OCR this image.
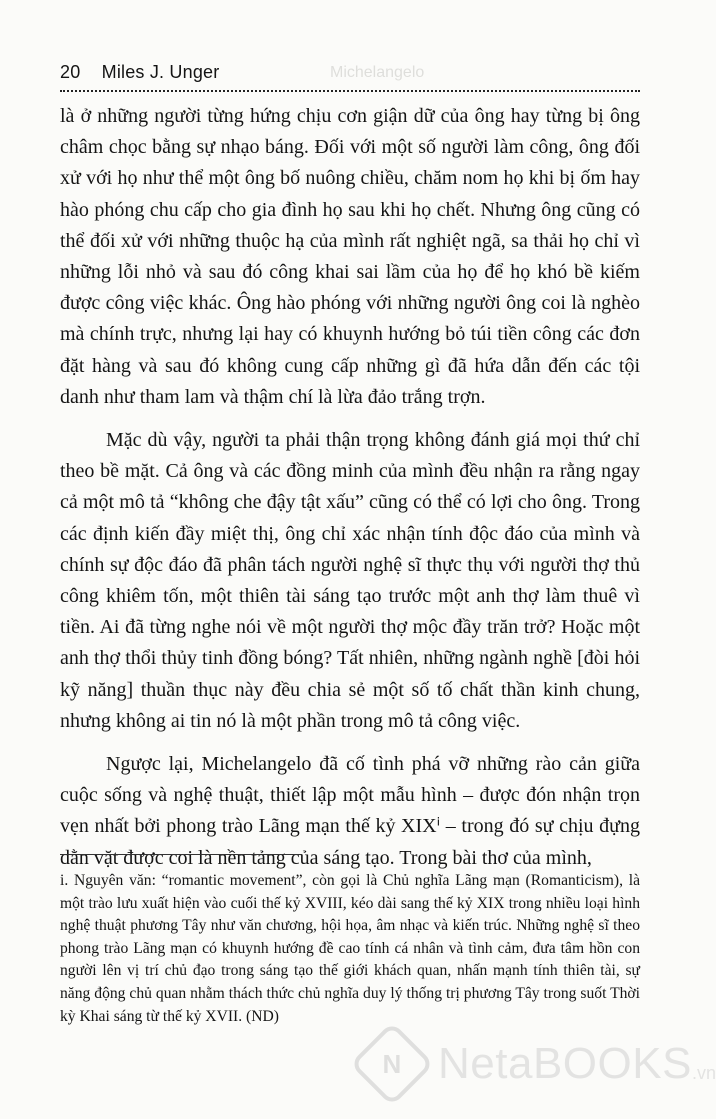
20 Miles J. Unger	Michelangelo

là ở những người từng hứng chịu cơn giận dữ của ông hay từng bị ông châm chọc bằng sự nhạo báng. Đối với một số người làm công, ông đối xử với họ như thể một ông bố nuông chiều, chăm nom họ khi bị ốm hay hào phóng chu cấp cho gia đình họ sau khi họ chết. Nhưng ông cũng có thể đối xử với những thuộc hạ của mình rất nghiệt ngã, sa thải họ chỉ vì những lỗi nhỏ và sau đó công khai sai lầm của họ để họ khó bề kiếm được công việc khác. Ông hào phóng với những người ông coi là nghèo mà chính trực, nhưng lại hay có khuynh hướng bỏ túi tiền công các đơn đặt hàng và sau đó không cung cấp những gì đã hứa dẫn đến các tội danh như tham lam và thậm chí là lừa đảo trắng trợn.

Mặc dù vậy, người ta phải thận trọng không đánh giá mọi thứ chỉ theo bề mặt. Cả ông và các đồng minh của mình đều nhận ra rằng ngay cả một mô tả “không che đậy tật xấu” cũng có thể có lợi cho ông. Trong các định kiến đầy miệt thị, ông chỉ xác nhận tính độc đáo của mình và chính sự độc đáo đã phân tách người nghệ sĩ thực thụ với người thợ thủ công khiêm tốn, một thiên tài sáng tạo trước một anh thợ làm thuê vì tiền. Ai đã từng nghe nói về một người thợ mộc đầy trăn trở? Hoặc một anh thợ thổi thủy tinh đồng bóng? Tất nhiên, những ngành nghề [đòi hỏi kỹ năng] thuần thục này đều chia sẻ một số tố chất thần kinh chung, nhưng không ai tin nó là một phần trong mô tả công việc.

Ngược lại, Michelangelo đã cố tình phá vỡ những rào cản giữa cuộc sống và nghệ thuật, thiết lập một mẫu hình – được đón nhận trọn vẹn nhất bởi phong trào Lãng mạn thế kỷ XIXⁱ – trong đó sự chịu đựng dằn vặt được coi là nền tảng của sáng tạo. Trong bài thơ của mình,

i. Nguyên văn: “romantic movement”, còn gọi là Chủ nghĩa Lãng mạn (Romanticism), là một trào lưu xuất hiện vào cuối thế kỷ XVIII, kéo dài sang thế kỷ XIX trong nhiều loại hình nghệ thuật phương Tây như văn chương, hội họa, âm nhạc và kiến trúc. Những nghệ sĩ theo phong trào Lãng mạn có khuynh hướng đề cao tính cá nhân và tình cảm, đưa tâm hồn con người lên vị trí chủ đạo trong sáng tạo thế giới khách quan, nhấn mạnh tính thiên tài, sự năng động chủ quan nhằm thách thức chủ nghĩa duy lý thống trị phương Tây trong suốt Thời kỳ Khai sáng từ thế kỷ XVII. (ND)
N NetaBOOKS .vn
